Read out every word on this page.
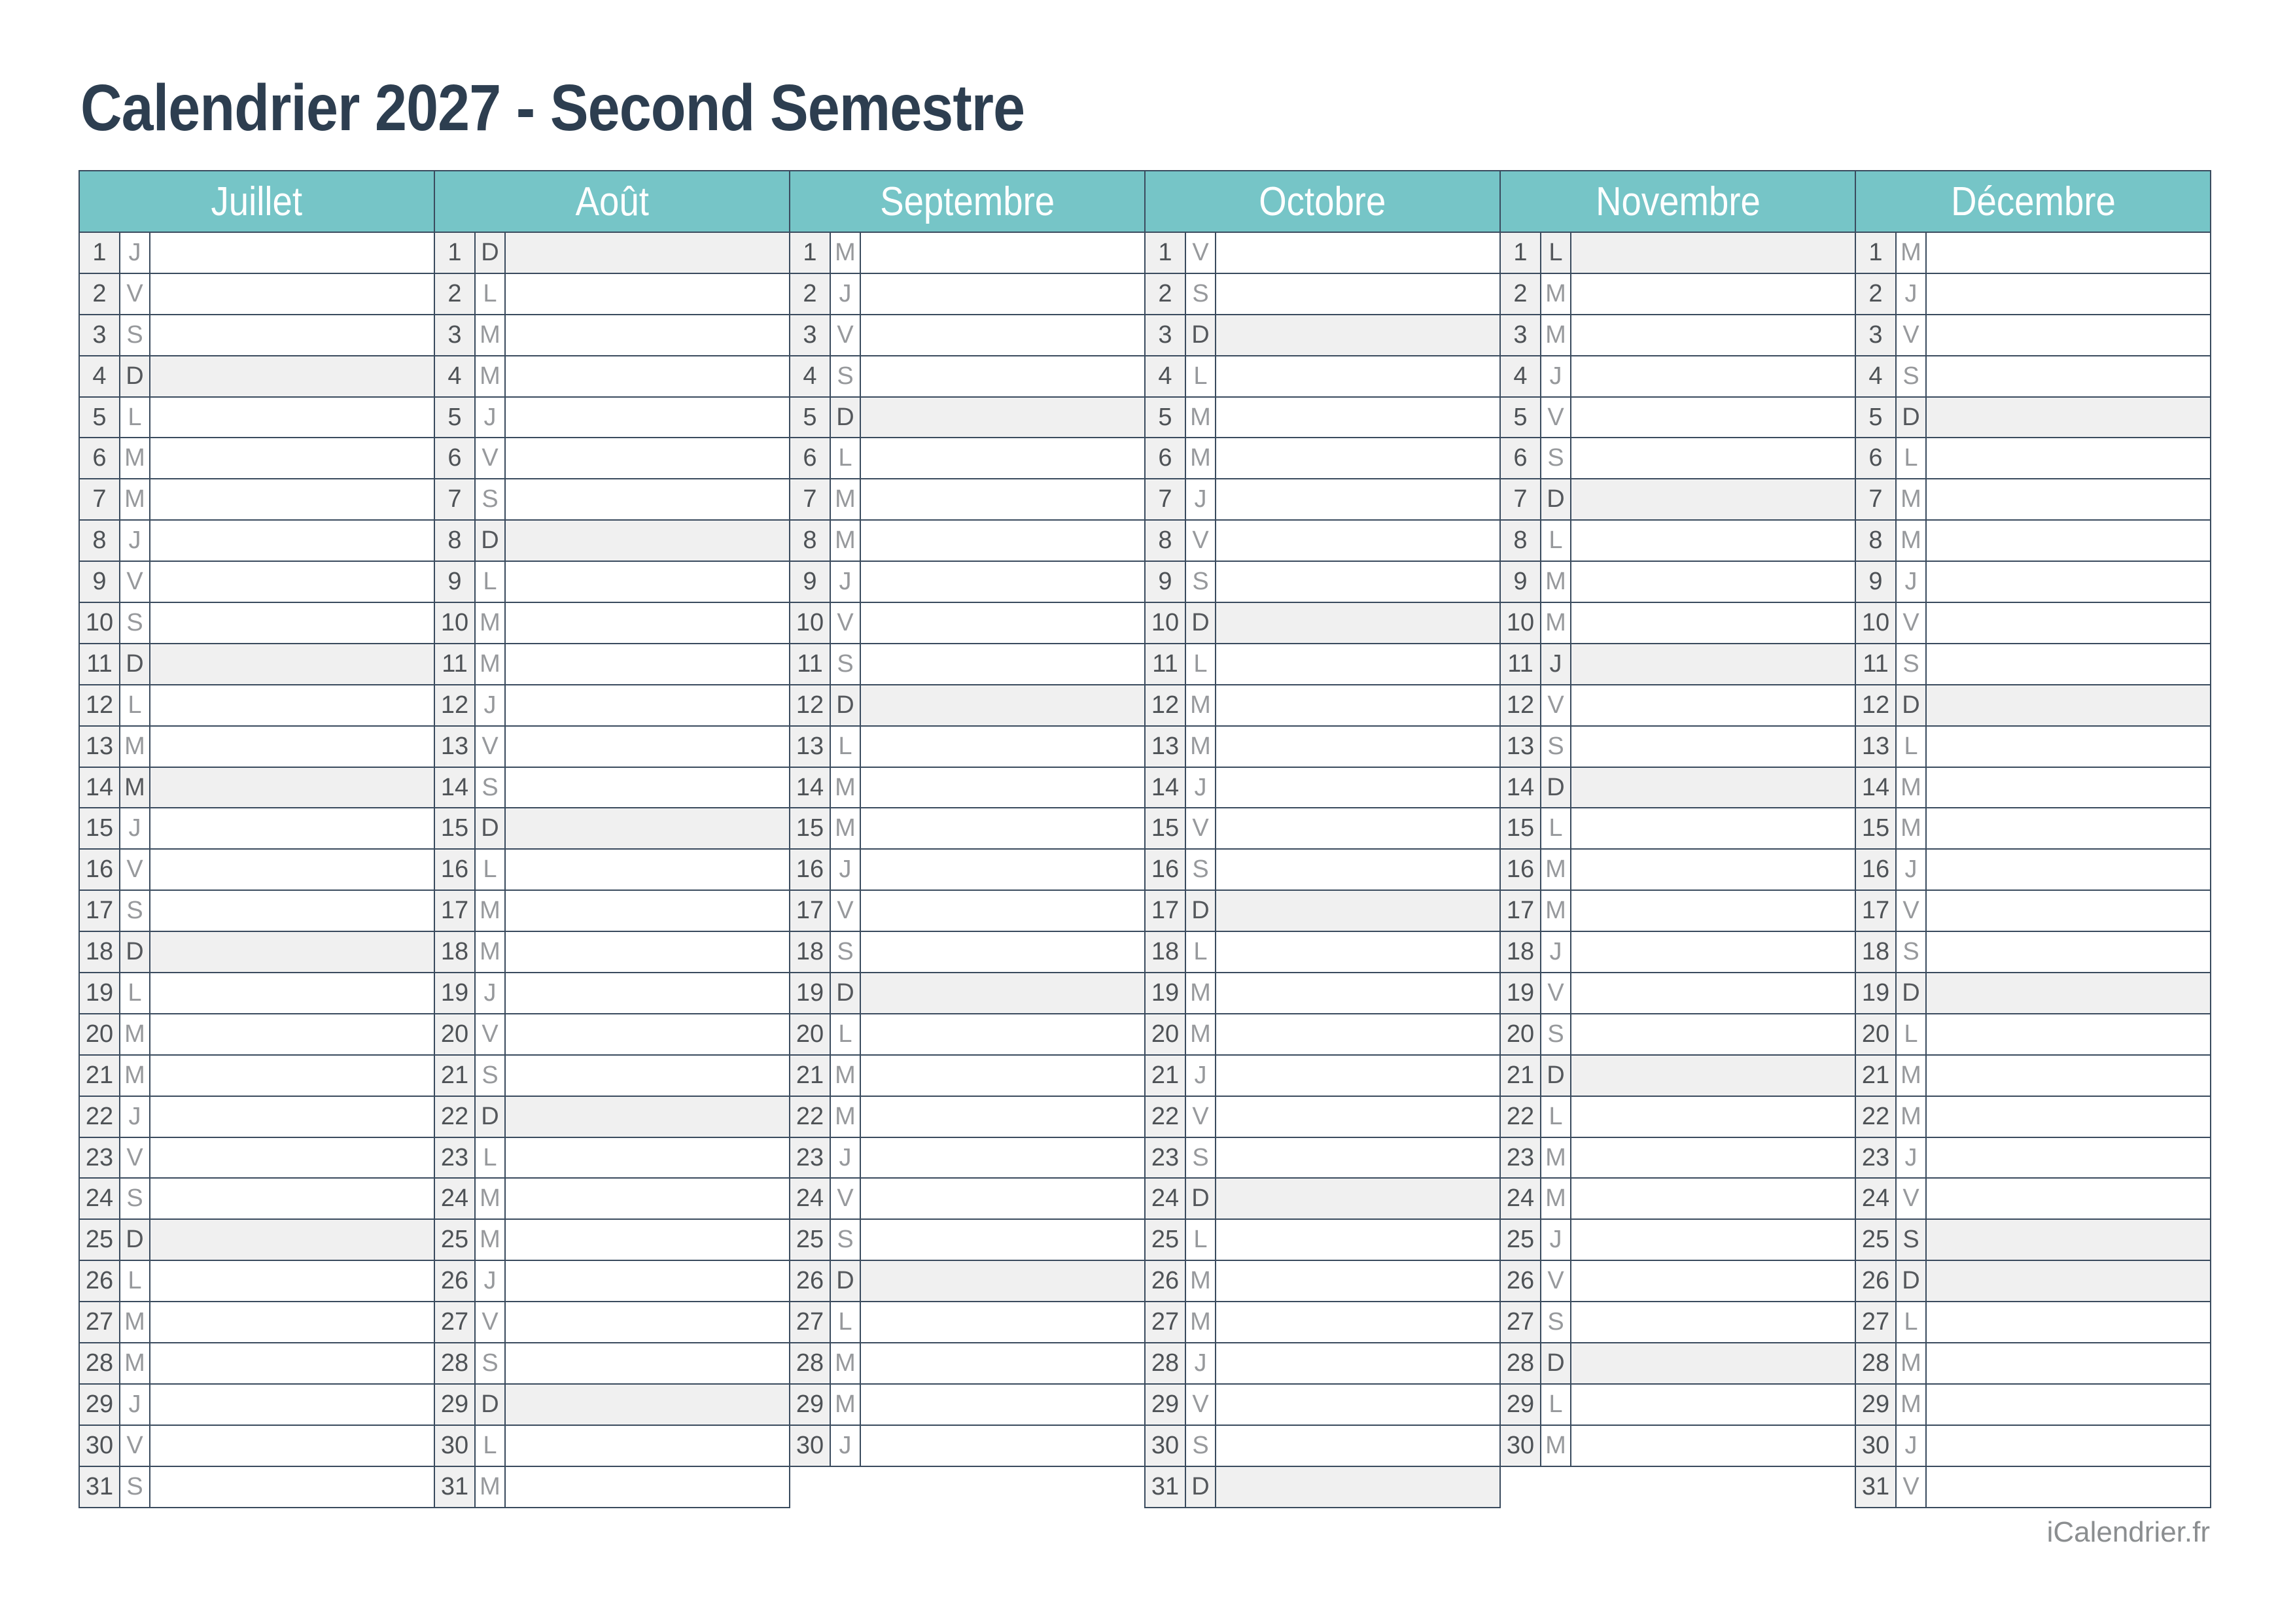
Calendrier 2027 - Second Semestre
Juillet
1 J
2 V
3 S
4 D
5 L
6 M
7 M
8 J
9 V
10 S
11 D
12 L
13 M
14 M
15 J
16 V
17 S
18 D
19 L
20 M
21 M
22 J
23 V
24 S
25 D
26 L
27 M
28 M
29 J
30 V
31 S
Août
1 D
2 L
3 M
4 M
5 J
6 V
7 S
8 D
9 L
10 M
11 M
12 J
13 V
14 S
15 D
16 L
17 M
18 M
19 J
20 V
21 S
22 D
23 L
24 M
25 M
26 J
27 V
28 S
29 D
30 L
31 M
Septembre
1 M
2 J
3 V
4 S
5 D
6 L
7 M
8 M
9 J
10 V
11 S
12 D
13 L
14 M
15 M
16 J
17 V
18 S
19 D
20 L
21 M
22 M
23 J
24 V
25 S
26 D
27 L
28 M
29 M
30 J
Octobre
1 V
2 S
3 D
4 L
5 M
6 M
7 J
8 V
9 S
10 D
11 L
12 M
13 M
14 J
15 V
16 S
17 D
18 L
19 M
20 M
21 J
22 V
23 S
24 D
25 L
26 M
27 M
28 J
29 V
30 S
31 D
Novembre
1 L
2 M
3 M
4 J
5 V
6 S
7 D
8 L
9 M
10 M
11 J
12 V
13 S
14 D
15 L
16 M
17 M
18 J
19 V
20 S
21 D
22 L
23 M
24 M
25 J
26 V
27 S
28 D
29 L
30 M
Décembre
1 M
2 J
3 V
4 S
5 D
6 L
7 M
8 M
9 J
10 V
11 S
12 D
13 L
14 M
15 M
16 J
17 V
18 S
19 D
20 L
21 M
22 M
23 J
24 V
25 S
26 D
27 L
28 M
29 M
30 J
31 V
iCalendrier.fr
